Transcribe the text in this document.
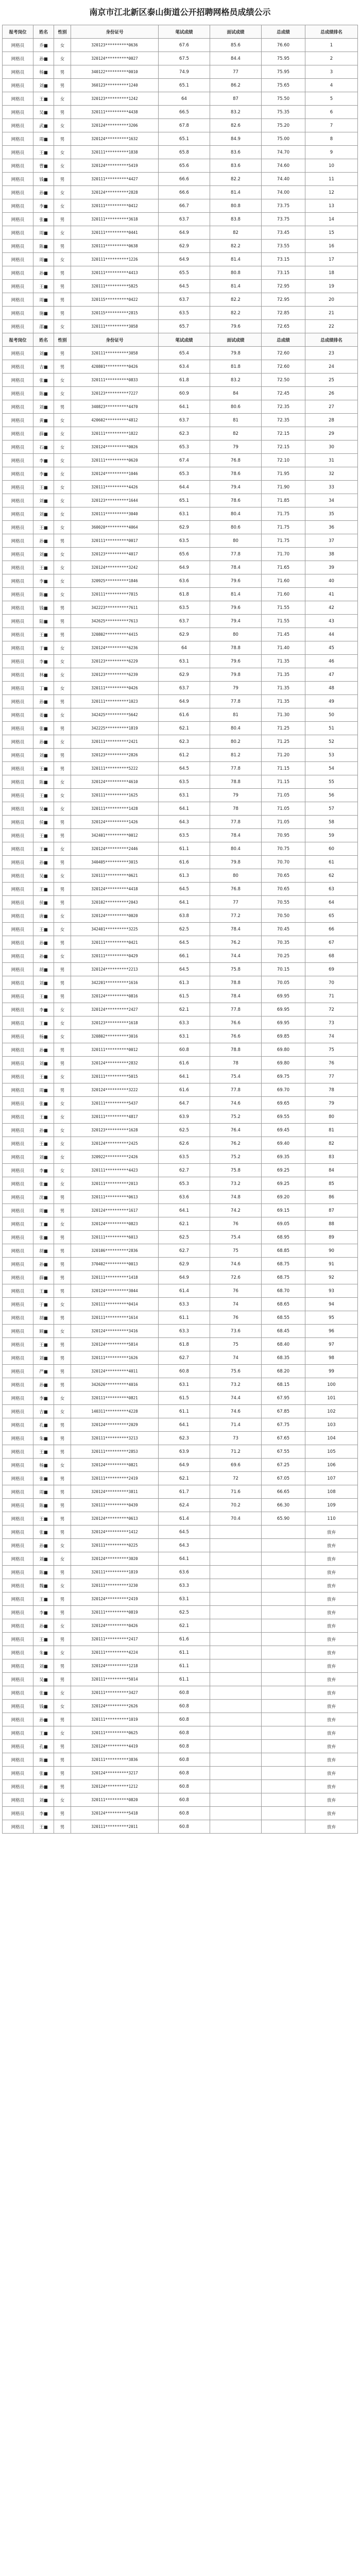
南京市江北新区泰山街道公开招聘网格员成绩公示
报考岗位	姓名	性别	身份证号	笔试成绩	面试成绩	总成绩	总成绩排名
网格员	乔■	女	320123**********0636	67.6	85.6	76.60	1
网格员	孙■	女	320124**********0027	67.5	84.4	75.95	2
网格员	杨■	男	340122**********0010	74.9	77	75.95	3
网格员	刘■	男	360123**********1240	65.1	86.2	75.65	4
网格员	王■	女	320123**********1242	64	87	75.50	5
网格员	吴■	男	320111**********4438	66.5	83.2	75.35	6
网格员	武■	女	320124**********3206	67.8	82.6	75.20	7
网格员	周■	男	320124**********1632	65.1	84.9	75.00	8
网格员	王■	女	320111**********1838	65.8	83.6	74.70	9
网格员	曹■	女	320124**********5419	65.6	83.6	74.60	10
网格员	钱■	男	320111**********4427	66.6	82.2	74.40	11
网格员	孙■	女	320124**********2828	66.6	81.4	74.00	12
网格员	李■	女	320111**********0412	66.7	80.8	73.75	13
网格员	张■	男	320111**********3618	63.7	83.8	73.75	14
网格员	周■	女	320111**********0441	64.9	82	73.45	15
网格员	陈■	男	320111**********0638	62.9	82.2	73.55	16
网格员	周■	女	320111**********1226	64.9	81.4	73.15	17
网格员	孙■	男	320111**********4413	65.5	80.8	73.15	18
网格员	王■	男	320111**********5825	64.5	81.4	72.95	19
网格员	周■	男	320115**********0422	63.7	82.2	72.95	20
网格员	施■	男	320115**********2815	63.5	82.2	72.85	21
网格员	邵■	女	320111**********3058	65.7	79.6	72.65	22
报考岗位	姓名	性别	身份证号	笔试成绩	面试成绩	总成绩	总成绩排名
网格员	刘■	男	320111**********3058	65.4	79.8	72.60	23
网格员	吉■	男	420801**********0426	63.4	81.8	72.60	24
网格员	张■	女	320111**********0833	61.8	83.2	72.50	25
网格员	陈■	女	320123**********7227	60.9	84	72.45	26
网格员	刘■	男	340823**********4470	64.1	80.6	72.35	27
网格员	黄■	女	420602**********4812	63.7	81	72.35	28
网格员	薛■	女	320111**********1822	62.3	82	72.15	29
网格员	石■	女	320124**********0026	65.3	79	72.15	30
网格员	李■	女	320111**********0620	67.4	76.8	72.10	31
网格员	李■	女	320124**********1046	65.3	78.6	71.95	32
网格员	王■	女	320111**********4426	64.4	79.4	71.90	33
网格员	刘■	女	320123**********1644	65.1	78.6	71.85	34
网格员	刘■	女	320111**********3040	63.1	80.4	71.75	35
网格员	王■	女	360020**********4064	62.9	80.6	71.75	36
网格员	孙■	男	320111**********0017	63.5	80	71.75	37
网格员	刘■	女	320123**********4017	65.6	77.8	71.70	38
网格员	王■	女	320124**********3242	64.9	78.4	71.65	39
网格员	李■	女	320925**********1846	63.6	79.6	71.60	40
网格员	陈■	女	320111**********7815	61.8	81.4	71.60	41
网格员	钱■	男	342223**********7611	63.5	79.6	71.55	42
网格员	陆■	男	342625**********7613	63.7	79.4	71.55	43
网格员	王■	男	320802**********4415	62.9	80	71.45	44
网格员	于■	女	320124**********6236	64	78.8	71.40	45
网格员	李■	女	320123**********6229	63.1	79.6	71.35	46
网格员	林■	女	320123**********6239	62.9	79.8	71.35	47
网格员	丁■	女	320111**********0426	63.7	79	71.35	48
网格员	孙■	男	320111**********1023	64.9	77.8	71.35	49
网格员	姜■	女	342425**********5642	61.6	81	71.30	50
网格员	张■	男	342225**********1819	62.1	80.4	71.25	51
网格员	孙■	女	320111**********2421	62.3	80.2	71.25	52
网格员	刘■	男	320123**********2826	61.2	81.2	71.20	53
网格员	王■	男	320111**********5222	64.5	77.8	71.15	54
网格员	陈■	女	320124**********4610	63.5	78.8	71.15	55
网格员	王■	女	320111**********1625	63.1	79	71.05	56
网格员	吴■	女	320111**********1428	64.1	78	71.05	57
网格员	侯■	男	320124**********1426	64.3	77.8	71.05	58
网格员	王■	男	342401**********0012	63.5	78.4	70.95	59
网格员	王■	女	320124**********2446	61.1	80.4	70.75	60
网格员	孙■	男	340405**********3015	61.6	79.8	70.70	61
网格员	吴■	女	320111**********0621	61.3	80	70.65	62
网格员	王■	男	320124**********4418	64.5	76.8	70.65	63
网格员	侯■	男	320102**********2043	64.1	77	70.55	64
网格员	唐■	女	320124**********0020	63.8	77.2	70.50	65
网格员	王■	女	342401**********3225	62.5	78.4	70.45	66
网格员	孙■	男	320111**********0421	64.5	76.2	70.35	67
网格员	孙■	女	320111**********0429	66.1	74.4	70.25	68
网格员	胡■	男	320124**********2213	64.5	75.8	70.15	69
网格员	刘■	男	342201**********1616	61.3	78.8	70.05	70
网格员	王■	男	320124**********0816	61.5	78.4	69.95	71
网格员	李■	女	320124**********2427	62.1	77.8	69.95	72
网格员	王■	女	320123**********1618	63.3	76.6	69.95	73
网格员	杨■	女	320802**********3016	63.1	76.6	69.85	74
网格员	孙■	男	320111**********0012	60.8	78.8	69.80	75
网格员	刘■	男	320124**********2832	61.6	78	69.80	76
网格员	王■	女	320111**********5015	64.1	75.4	69.75	77
网格员	周■	男	320124**********3222	61.6	77.8	69.70	78
网格员	张■	女	320111**********5437	64.7	74.6	69.65	79
网格员	王■	女	320111**********4817	63.9	75.2	69.55	80
网格员	孙■	女	320123**********1628	62.5	76.4	69.45	81
网格员	王■	女	320124**********2425	62.6	76.2	69.40	82
网格员	刘■	女	320922**********2426	63.5	75.2	69.35	83
网格员	李■	女	320111**********4423	62.7	75.8	69.25	84
网格员	张■	女	320111**********2013	65.3	73.2	69.25	85
网格员	沈■	男	320111**********0613	63.6	74.8	69.20	86
网格员	周■	男	320124**********1617	64.1	74.2	69.15	87
网格员	王■	女	320124**********0823	62.1	76	69.05	88
网格员	张■	男	320111**********6013	62.5	75.4	68.95	89
网格员	胡■	男	320106**********2836	62.7	75	68.85	90
网格员	孙■	男	370402**********0013	62.9	74.6	68.75	91
网格员	薛■	男	320111**********1418	64.9	72.6	68.75	92
网格员	王■	男	320124**********3044	61.4	76	68.70	93
网格员	于■	女	320111**********0414	63.3	74	68.65	94
网格员	胡■	男	320111**********1614	61.1	76	68.55	95
网格员	顾■	女	320124**********3416	63.3	73.6	68.45	96
网格员	王■	男	320124**********5814	61.8	75	68.40	97
网格员	刘■	男	320111**********1626	62.7	74	68.35	98
网格员	严■	男	320124**********4011	60.8	75.6	68.20	99
网格员	孙■	男	342626**********4016	63.1	73.2	68.15	100
网格员	李■	女	320111**********0821	61.5	74.4	67.95	101
网格员	吉■	女	140311**********4228	61.1	74.6	67.85	102
网格员	孔■	男	320124**********2029	64.1	71.4	67.75	103
网格员	朱■	男	320111**********3213	62.3	73	67.65	104
网格员	王■	男	320111**********2853	63.9	71.2	67.55	105
网格员	杨■	女	320124**********0821	64.9	69.6	67.25	106
网格员	张■	男	320111**********2419	62.1	72	67.05	107
网格员	周■	男	320124**********3811	61.7	71.6	66.65	108
网格员	陈■	男	320111**********0439	62.4	70.2	66.30	109
网格员	王■	男	320124**********0613	61.4	70.4	65.90	110
网格员	张■	男	320124**********1412	64.5			放弃
网格员	孙■	女	320111**********0225	64.3			放弃
网格员	刘■	女	320124**********3020	64.1			放弃
网格员	陈■	男	320111**********1819	63.6			放弃
网格员	魏■	女	320111**********3230	63.3			放弃
网格员	王■	男	320124**********2419	63.1			放弃
网格员	李■	男	320111**********0819	62.5			放弃
网格员	孙■	女	320124**********0426	62.1			放弃
网格员	王■	男	320111**********2417	61.6			放弃
网格员	朱■	女	320111**********4224	61.1			放弃
网格员	刘■	男	320124**********1218	61.1			放弃
网格员	吴■	男	320111**********5014	61.1			放弃
网格员	张■	女	320111**********3427	60.8			放弃
网格员	钱■	女	320124**********2626	60.8			放弃
网格员	孙■	男	320111**********1019	60.8			放弃
网格员	王■	女	320111**********0625	60.8			放弃
网格员	孔■	男	320124**********4419	60.8			放弃
网格员	陈■	男	320111**********3836	60.8			放弃
网格员	张■	男	320124**********3217	60.8			放弃
网格员	孙■	男	320124**********1212	60.8			放弃
网格员	刘■	女	320111**********0820	60.8			放弃
网格员	李■	男	320124**********5418	60.8			放弃
网格员	王■	男	320111**********2011	60.8			放弃
